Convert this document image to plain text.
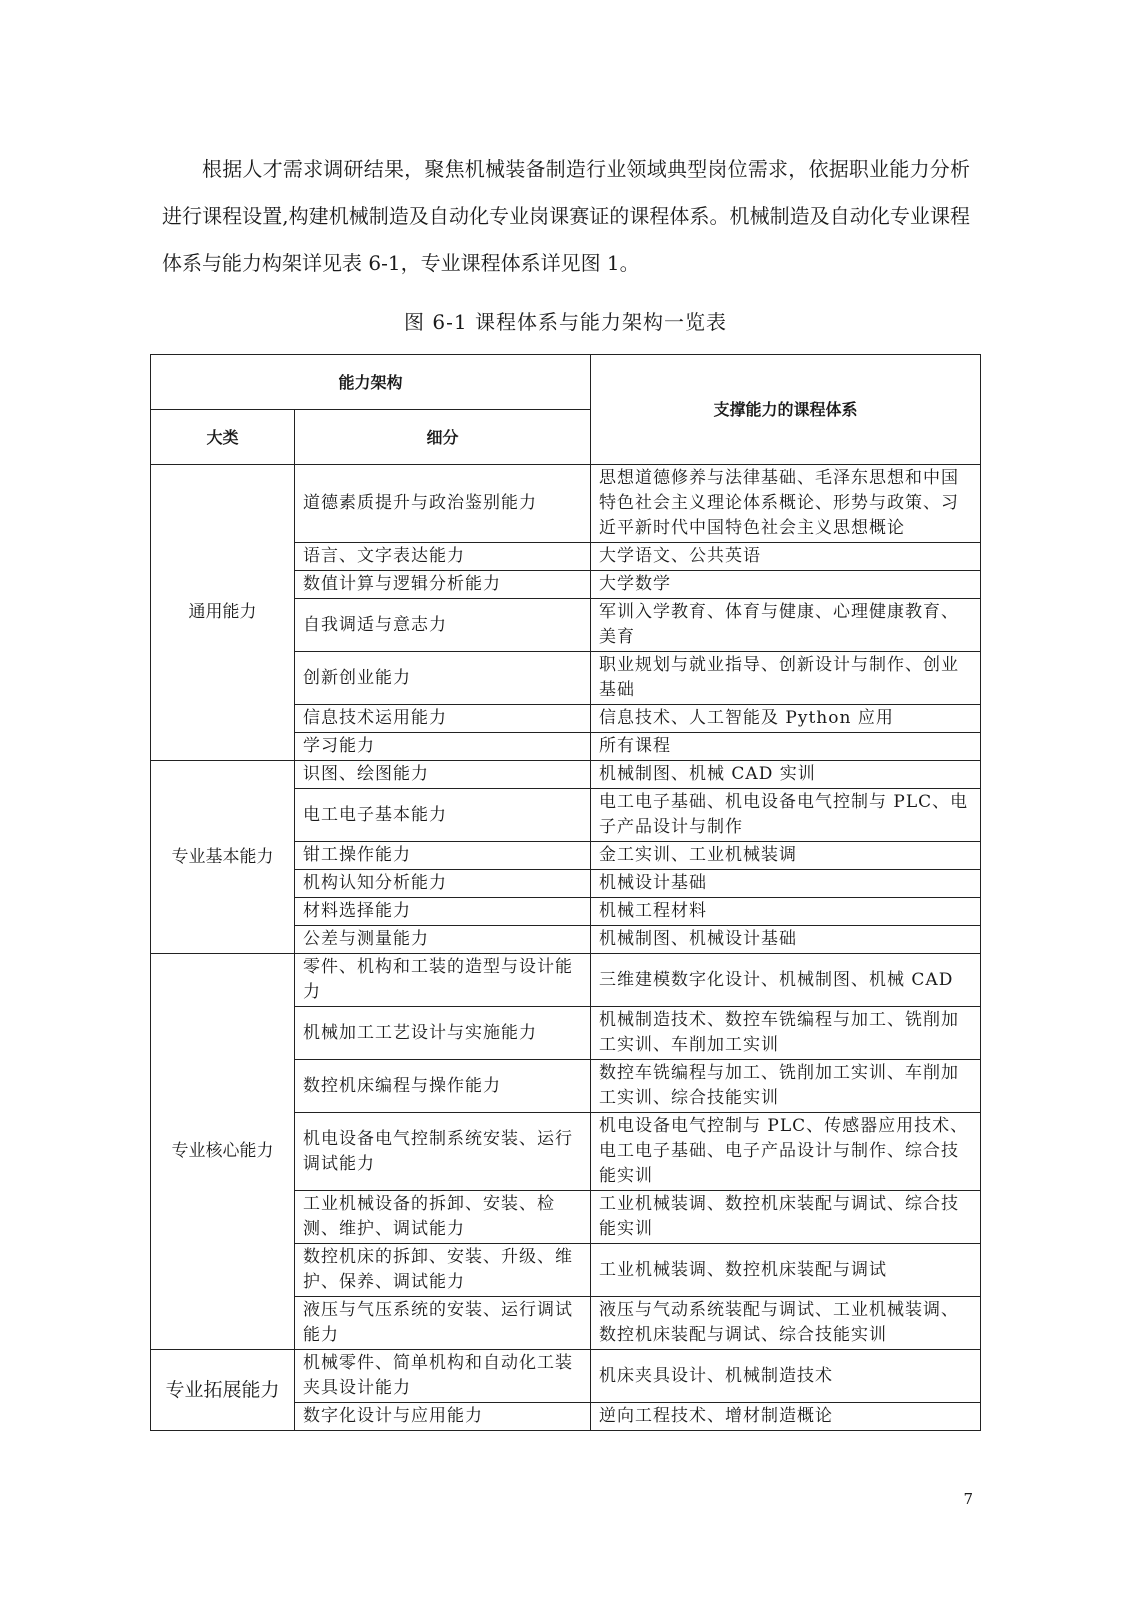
根据人才需求调研结果，聚焦机械装备制造行业领域典型岗位需求，依据职业能力分析进行课程设置,构建机械制造及自动化专业岗课赛证的课程体系。机械制造及自动化专业课程体系与能力构架详见表 6-1，专业课程体系详见图 1。

图 6-1 课程体系与能力架构一览表

能力架构		支撑能力的课程体系
大类	细分	
通用能力	道德素质提升与政治鉴别能力	思想道德修养与法律基础、毛泽东思想和中国特色社会主义理论体系概论、形势与政策、习近平新时代中国特色社会主义思想概论
	语言、文字表达能力	大学语文、公共英语
	数值计算与逻辑分析能力	大学数学
	自我调适与意志力	军训入学教育、体育与健康、心理健康教育、美育
	创新创业能力	职业规划与就业指导、创新设计与制作、创业基础
	信息技术运用能力	信息技术、人工智能及 Python 应用
	学习能力	所有课程
专业基本能力	识图、绘图能力	机械制图、机械 CAD 实训
	电工电子基本能力	电工电子基础、机电设备电气控制与 PLC、电子产品设计与制作
	钳工操作能力	金工实训、工业机械装调
	机构认知分析能力	机械设计基础
	材料选择能力	机械工程材料
	公差与测量能力	机械制图、机械设计基础
专业核心能力	零件、机构和工装的造型与设计能力	三维建模数字化设计、机械制图、机械 CAD
	机械加工工艺设计与实施能力	机械制造技术、数控车铣编程与加工、铣削加工实训、车削加工实训
	数控机床编程与操作能力	数控车铣编程与加工、铣削加工实训、车削加工实训、综合技能实训
	机电设备电气控制系统安装、运行调试能力	机电设备电气控制与 PLC、传感器应用技术、电工电子基础、电子产品设计与制作、综合技能实训
	工业机械设备的拆卸、安装、检测、维护、调试能力	工业机械装调、数控机床装配与调试、综合技能实训
	数控机床的拆卸、安装、升级、维护、保养、调试能力	工业机械装调、数控机床装配与调试
	液压与气压系统的安装、运行调试能力	液压与气动系统装配与调试、工业机械装调、数控机床装配与调试、综合技能实训
专业拓展能力	机械零件、简单机构和自动化工装夹具设计能力	机床夹具设计、机械制造技术
	数字化设计与应用能力	逆向工程技术、增材制造概论

7
